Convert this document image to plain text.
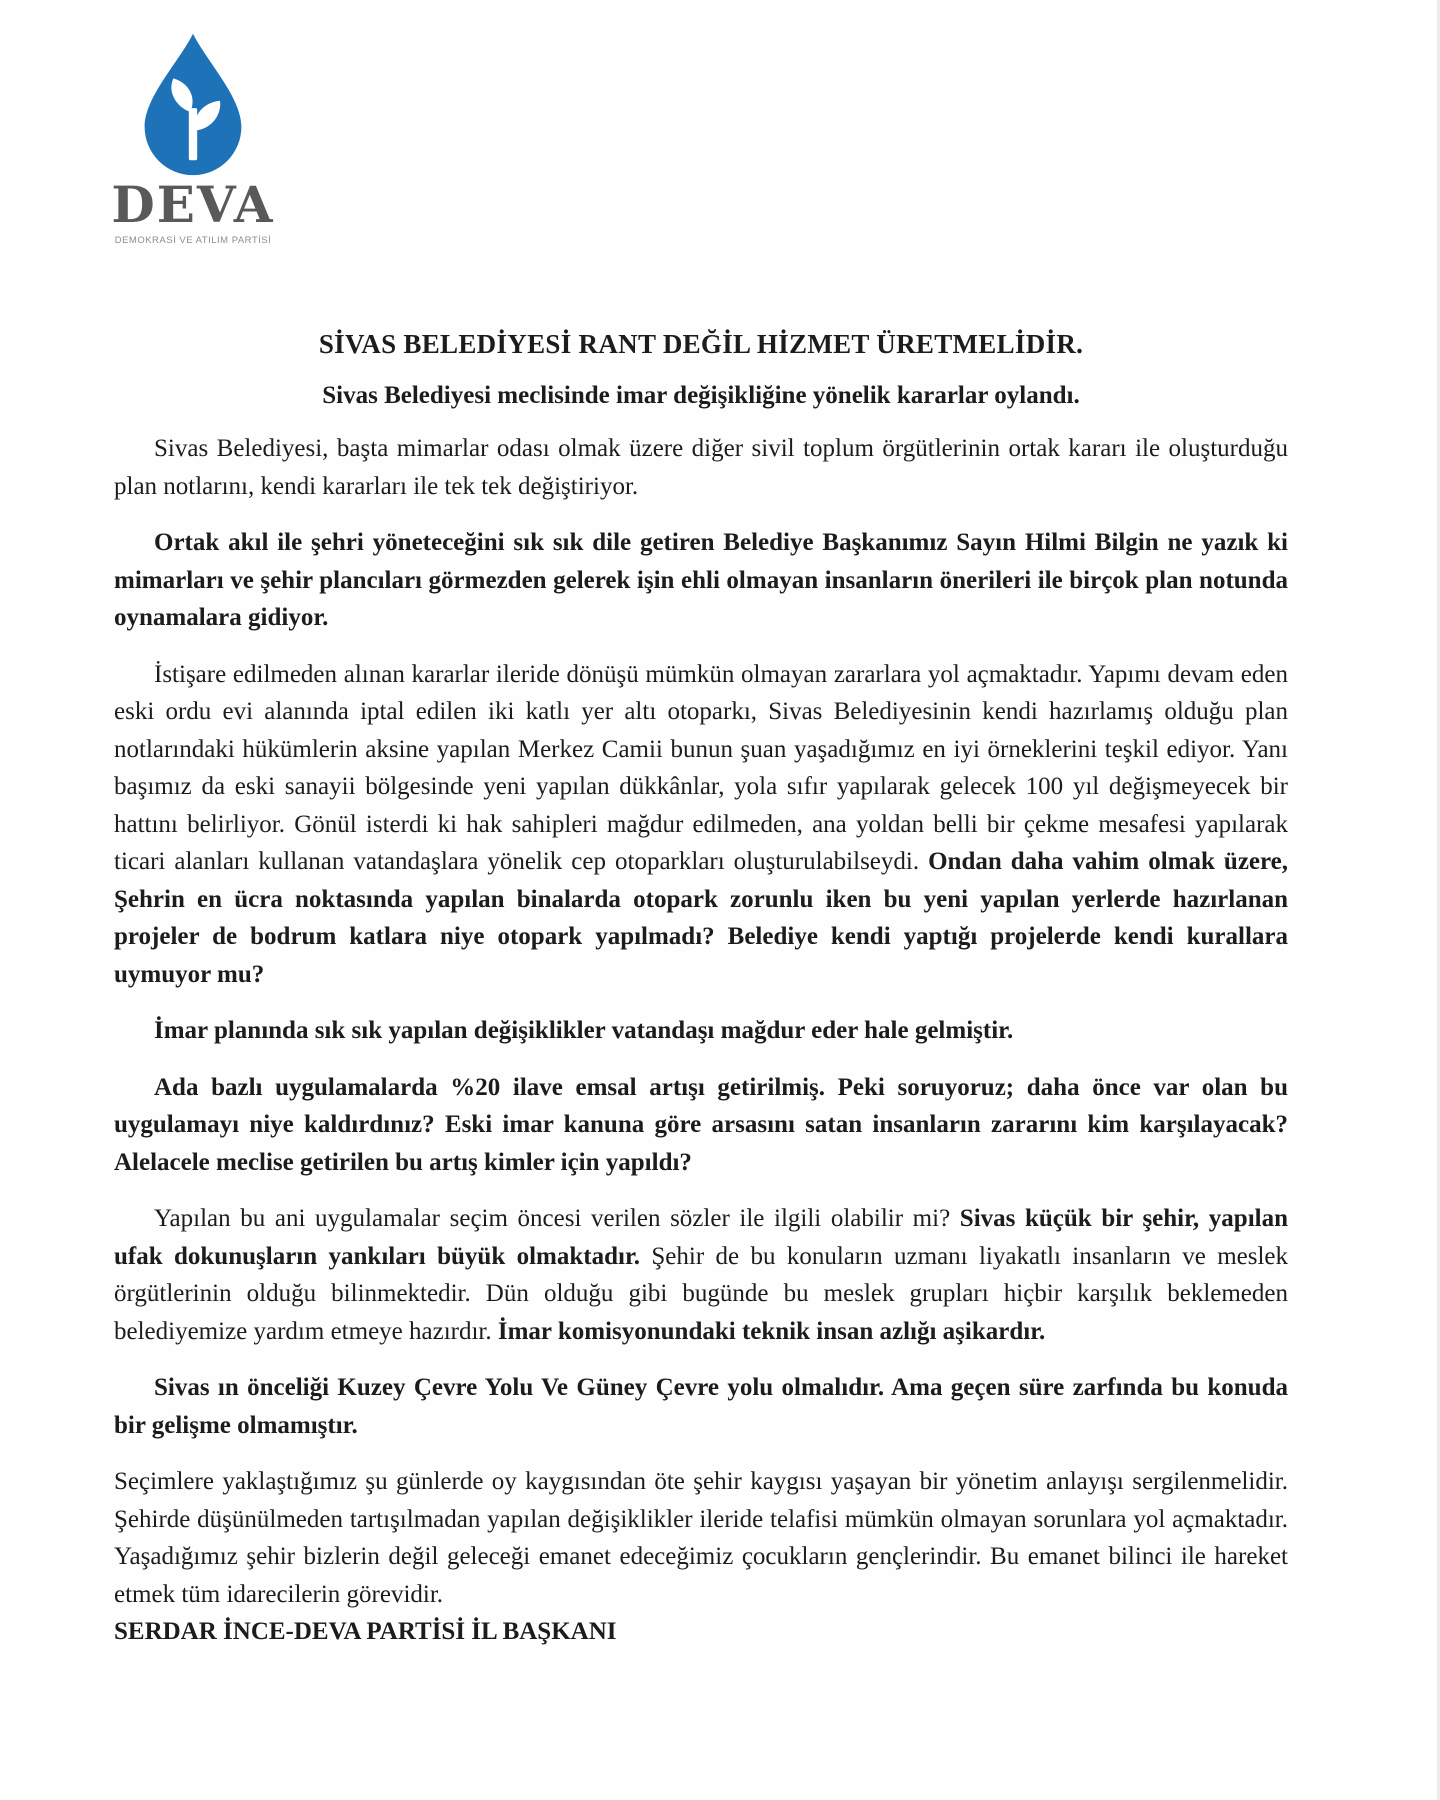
DEVA
DEMOKRASİ VE ATILIM PARTİSİ
SİVAS BELEDİYESİ RANT DEĞİL HİZMET ÜRETMELİDİR.
Sivas Belediyesi meclisinde imar değişikliğine yönelik kararlar oylandı.

Sivas Belediyesi, başta mimarlar odası olmak üzere diğer sivil toplum örgütlerinin ortak kararı ile oluşturduğu plan notlarını, kendi kararları ile tek tek değiştiriyor.

Ortak akıl ile şehri yöneteceğini sık sık dile getiren Belediye Başkanımız Sayın Hilmi Bilgin ne yazık ki mimarları ve şehir plancıları görmezden gelerek işin ehli olmayan insanların önerileri ile birçok plan notunda oynamalara gidiyor.

İstişare edilmeden alınan kararlar ileride dönüşü mümkün olmayan zararlara yol açmaktadır. Yapımı devam eden eski ordu evi alanında iptal edilen iki katlı yer altı otoparkı, Sivas Belediyesinin kendi hazırlamış olduğu plan notlarındaki hükümlerin aksine yapılan Merkez Camii bunun şuan yaşadığımız en iyi örneklerini teşkil ediyor. Yanı başımız da eski sanayii bölgesinde yeni yapılan dükkânlar, yola sıfır yapılarak gelecek 100 yıl değişmeyecek bir hattını belirliyor. Gönül isterdi ki hak sahipleri mağdur edilmeden, ana yoldan belli bir çekme mesafesi yapılarak ticari alanları kullanan vatandaşlara yönelik cep otoparkları oluşturulabilseydi. Ondan daha vahim olmak üzere, Şehrin en ücra noktasında yapılan binalarda otopark zorunlu iken bu yeni yapılan yerlerde hazırlanan projeler de bodrum katlara niye otopark yapılmadı? Belediye kendi yaptığı projelerde kendi kurallara uymuyor mu?

İmar planında sık sık yapılan değişiklikler vatandaşı mağdur eder hale gelmiştir.

Ada bazlı uygulamalarda %20 ilave emsal artışı getirilmiş. Peki soruyoruz; daha önce var olan bu uygulamayı niye kaldırdınız? Eski imar kanuna göre arsasını satan insanların zararını kim karşılayacak? Alelacele meclise getirilen bu artış kimler için yapıldı?

Yapılan bu ani uygulamalar seçim öncesi verilen sözler ile ilgili olabilir mi? Sivas küçük bir şehir, yapılan ufak dokunuşların yankıları büyük olmaktadır. Şehir de bu konuların uzmanı liyakatlı insanların ve meslek örgütlerinin olduğu bilinmektedir. Dün olduğu gibi bugünde bu meslek grupları hiçbir karşılık beklemeden belediyemize yardım etmeye hazırdır. İmar komisyonundaki teknik insan azlığı aşikardır.

Sivas ın önceliği Kuzey Çevre Yolu Ve Güney Çevre yolu olmalıdır. Ama geçen süre zarfında bu konuda bir gelişme olmamıştır.

Seçimlere yaklaştığımız şu günlerde oy kaygısından öte şehir kaygısı yaşayan bir yönetim anlayışı sergilenmelidir. Şehirde düşünülmeden tartışılmadan yapılan değişiklikler ileride telafisi mümkün olmayan sorunlara yol açmaktadır. Yaşadığımız şehir bizlerin değil geleceği emanet edeceğimiz çocukların gençlerindir. Bu emanet bilinci ile hareket etmek tüm idarecilerin görevidir.
SERDAR İNCE-DEVA PARTİSİ İL BAŞKANI
